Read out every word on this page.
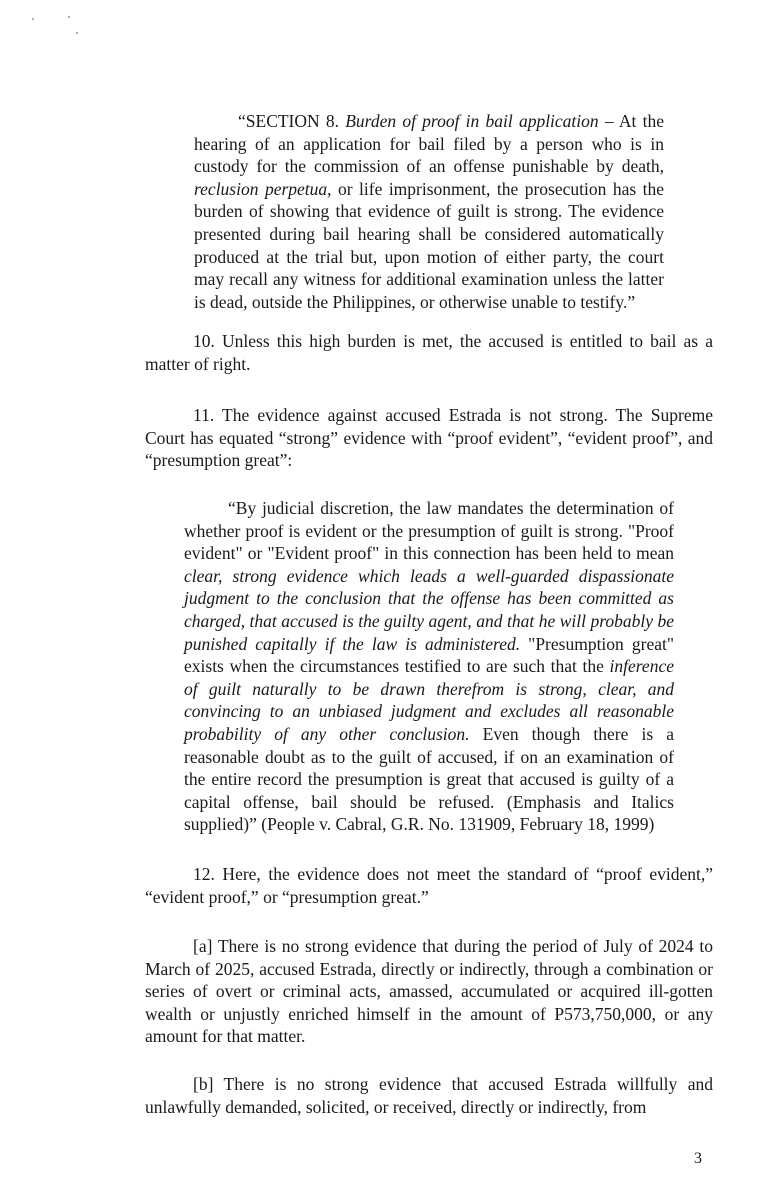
“SECTION 8. Burden of proof in bail application – At the hearing of an application for bail filed by a person who is in custody for the commission of an offense punishable by death, reclusion perpetua, or life imprisonment, the prosecution has the burden of showing that evidence of guilt is strong. The evidence presented during bail hearing shall be considered automatically produced at the trial but, upon motion of either party, the court may recall any witness for additional examination unless the latter is dead, outside the Philippines, or otherwise unable to testify.”

10. Unless this high burden is met, the accused is entitled to bail as a matter of right.

11. The evidence against accused Estrada is not strong. The Supreme Court has equated “strong” evidence with “proof evident”, “evident proof”, and “presumption great”:

“By judicial discretion, the law mandates the determination of whether proof is evident or the presumption of guilt is strong. "Proof evident" or "Evident proof" in this connection has been held to mean clear, strong evidence which leads a well-guarded dispassionate judgment to the conclusion that the offense has been committed as charged, that accused is the guilty agent, and that he will probably be punished capitally if the law is administered. "Presumption great" exists when the circumstances testified to are such that the inference of guilt naturally to be drawn therefrom is strong, clear, and convincing to an unbiased judgment and excludes all reasonable probability of any other conclusion. Even though there is a reasonable doubt as to the guilt of accused, if on an examination of the entire record the presumption is great that accused is guilty of a capital offense, bail should be refused. (Emphasis and Italics supplied)” (People v. Cabral, G.R. No. 131909, February 18, 1999)

12. Here, the evidence does not meet the standard of “proof evident,” “evident proof,” or “presumption great.”

[a] There is no strong evidence that during the period of July of 2024 to March of 2025, accused Estrada, directly or indirectly, through a combination or series of overt or criminal acts, amassed, accumulated or acquired ill-gotten wealth or unjustly enriched himself in the amount of P573,750,000, or any amount for that matter.

[b] There is no strong evidence that accused Estrada willfully and unlawfully demanded, solicited, or received, directly or indirectly, from

3
